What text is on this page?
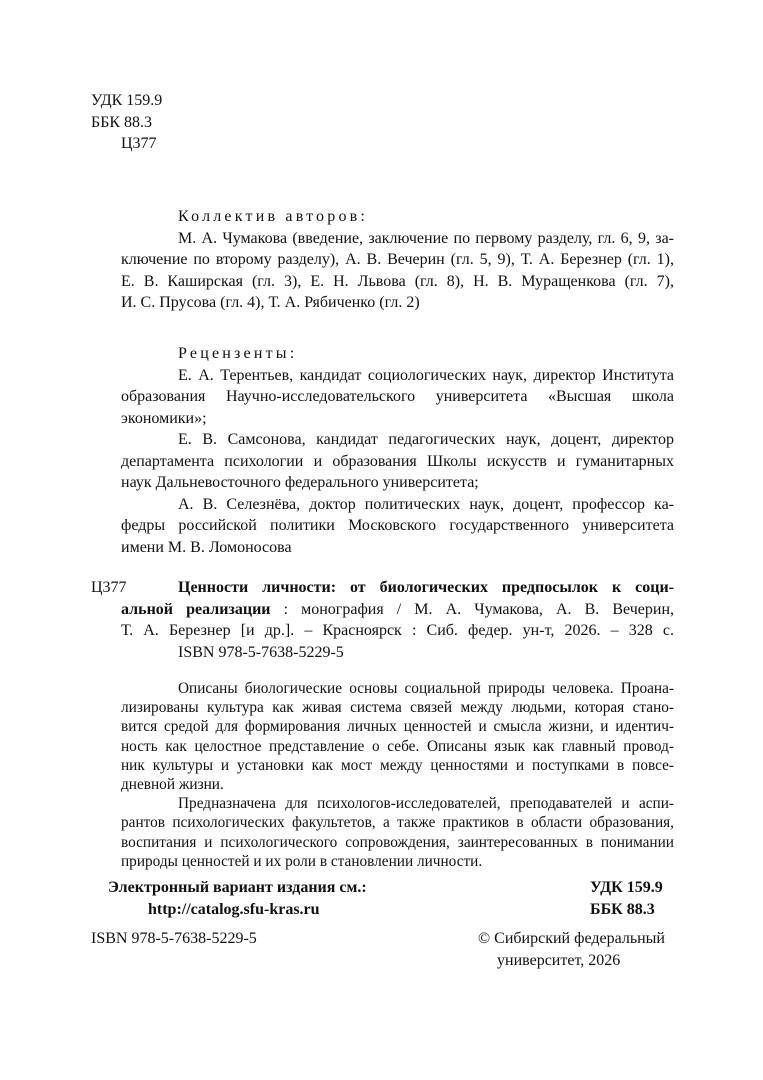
УДК 159.9
ББК 88.3
Ц377
Коллектив авторов:
М. А. Чумакова (введение, заключение по первому разделу, гл. 6, 9, за-
ключение по второму разделу), А. В. Вечерин (гл. 5, 9), Т. А. Березнер (гл. 1),
Е. В. Каширская (гл. 3), Е. Н. Львова (гл. 8), Н. В. Муращенкова (гл. 7),
И. С. Прусова (гл. 4), Т. А. Рябиченко (гл. 2)
Рецензенты:
Е. А. Терентьев, кандидат социологических наук, директор Института
образования Научно-исследовательского университета «Высшая школа
экономики»;
Е. В. Самсонова, кандидат педагогических наук, доцент, директор
департамента психологии и образования Школы искусств и гуманитарных
наук Дальневосточного федерального университета;
А. В. Селезнёва, доктор политических наук, доцент, профессор ка-
федры российской политики Московского государственного университета
имени М. В. Ломоносова
Ц377	Ценности личности: от биологических предпосылок к соци-
альной реализации : монография / М. А. Чумакова, А. В. Вечерин,
Т. А. Березнер [и др.]. – Красноярск : Сиб. федер. ун-т, 2026. – 328 с.
ISBN 978-5-7638-5229-5
Описаны биологические основы социальной природы человека. Проана-
лизированы культура как живая система связей между людьми, которая стано-
вится средой для формирования личных ценностей и смысла жизни, и идентич-
ность как целостное представление о себе. Описаны язык как главный провод-
ник культуры и установки как мост между ценностями и поступками в повсе-
дневной жизни.
Предназначена для психологов-исследователей, преподавателей и аспи-
рантов психологических факультетов, а также практиков в области образования,
воспитания и психологического сопровождения, заинтересованных в понимании
природы ценностей и их роли в становлении личности.
Электронный вариант издания см.:
http://catalog.sfu-kras.ru
УДК 159.9
ББК 88.3
ISBN 978-5-7638-5229-5	© Сибирский федеральный
университет, 2026
